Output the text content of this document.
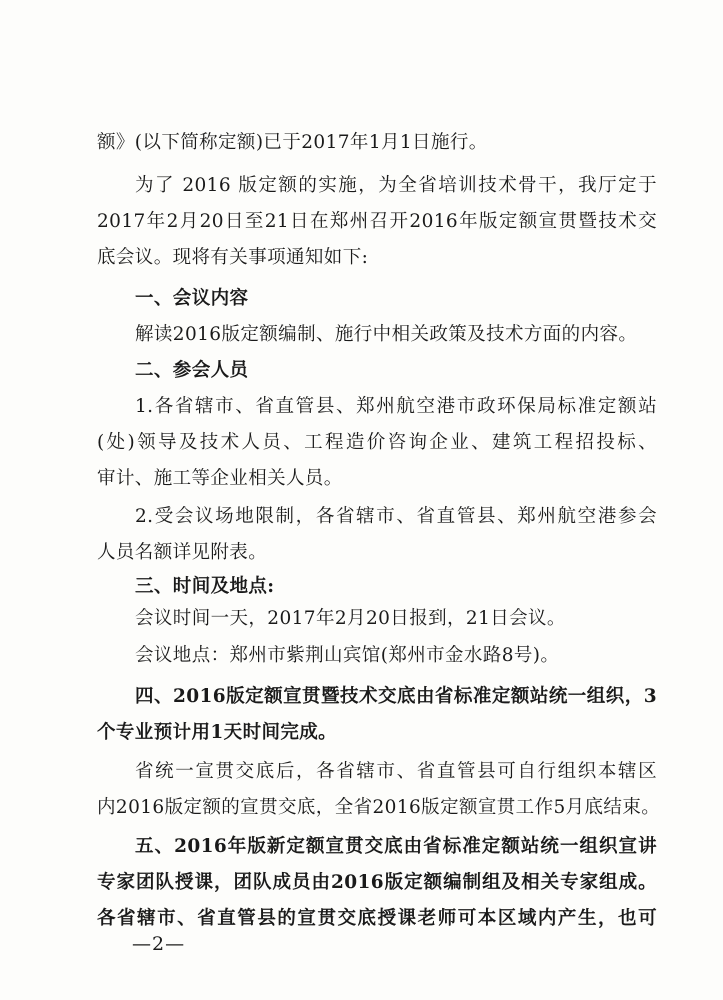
额》(以下简称定额)已于2017年1月1日施行。
为了 2016 版定额的实施，为全省培训技术骨干，我厅定于
2017年2月20日至21日在郑州召开2016年版定额宣贯暨技术交
底会议。现将有关事项通知如下:
一、会议内容
解读2016版定额编制、施行中相关政策及技术方面的内容。
二、参会人员
1.各省辖市、省直管县、郑州航空港市政环保局标准定额站
(处)领导及技术人员、工程造价咨询企业、建筑工程招投标、
审计、施工等企业相关人员。
2.受会议场地限制，各省辖市、省直管县、郑州航空港参会
人员名额详见附表。
三、时间及地点:
会议时间一天，2017年2月20日报到，21日会议。
会议地点：郑州市紫荆山宾馆(郑州市金水路8号)。
四、2016版定额宣贯暨技术交底由省标准定额站统一组织，3
个专业预计用1天时间完成。
省统一宣贯交底后，各省辖市、省直管县可自行组织本辖区
内2016版定额的宣贯交底，全省2016版定额宣贯工作5月底结束。
五、2016年版新定额宣贯交底由省标准定额站统一组织宣讲
专家团队授课，团队成员由2016版定额编制组及相关专家组成。
各省辖市、省直管县的宣贯交底授课老师可本区域内产生，也可
—2—
